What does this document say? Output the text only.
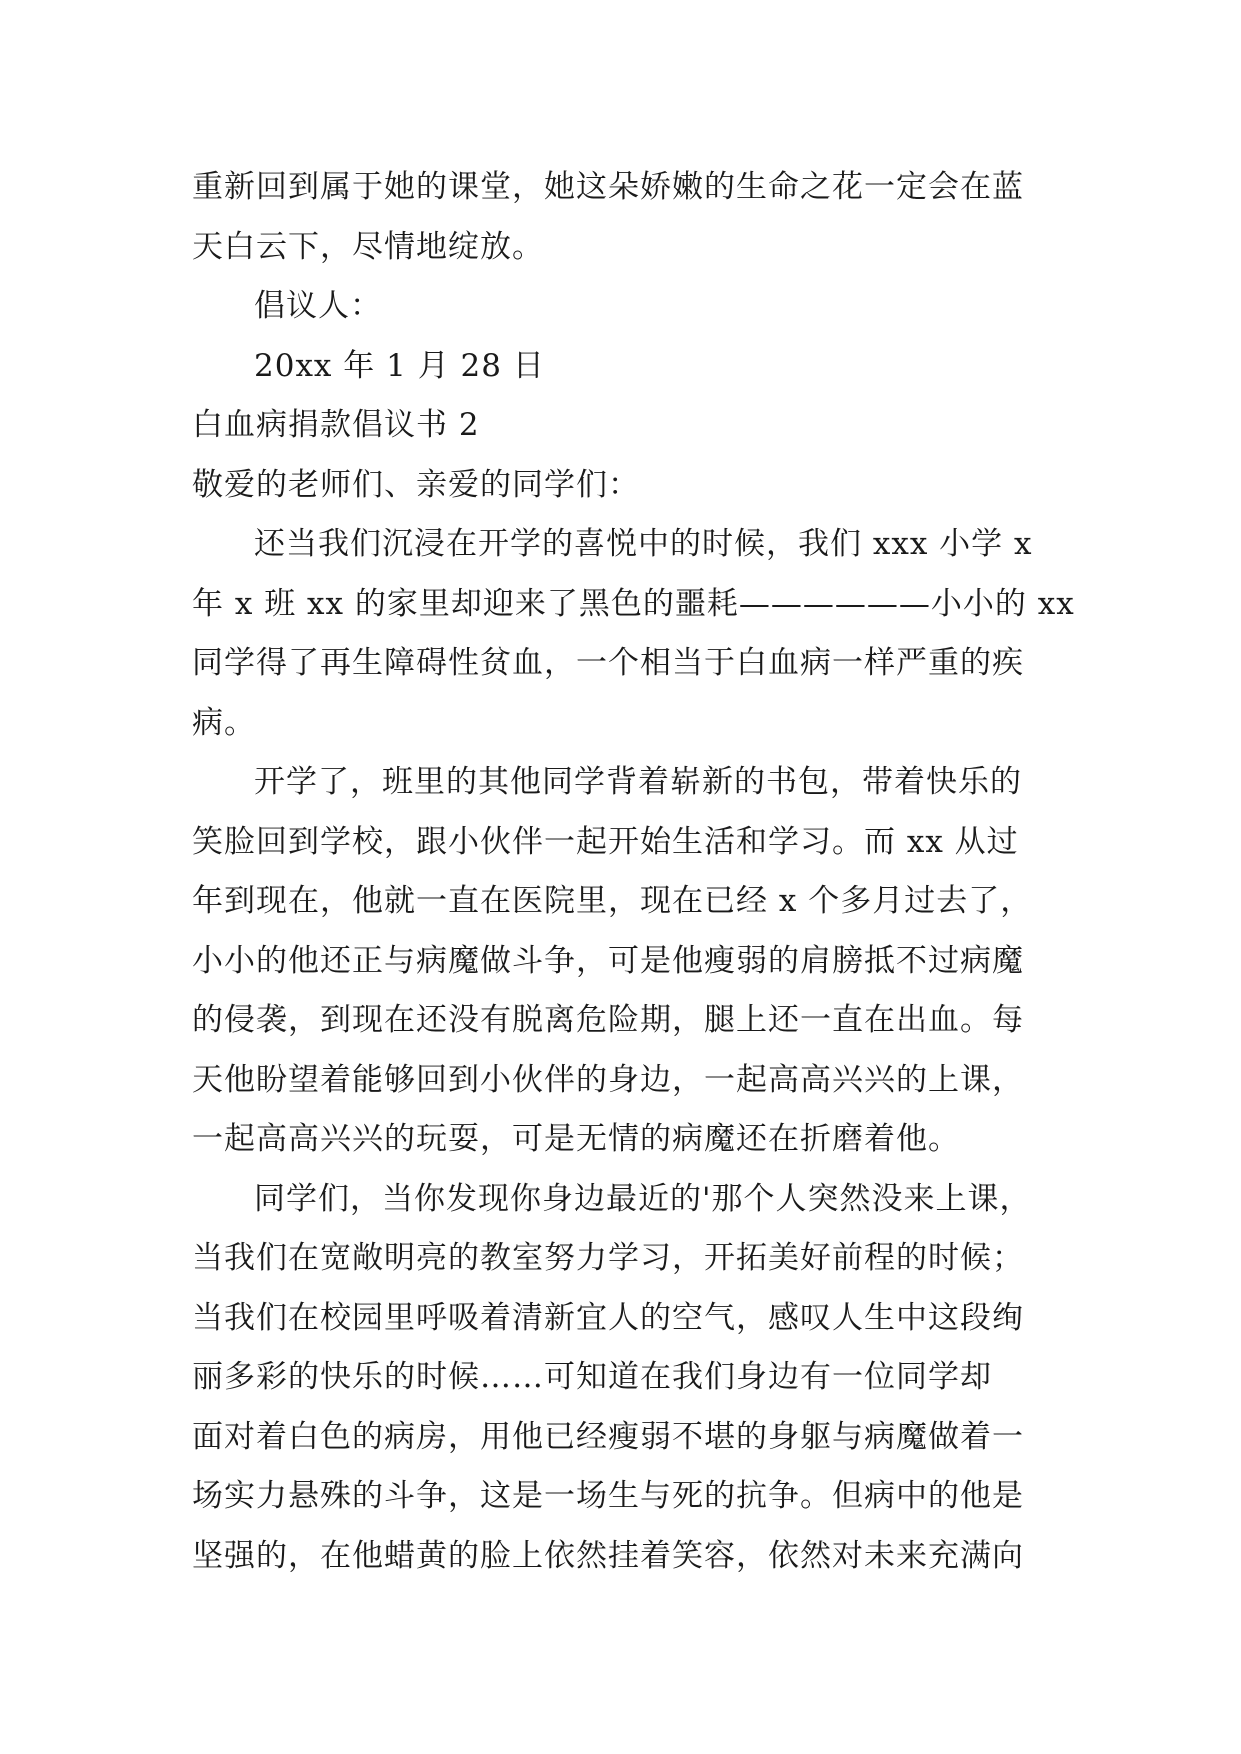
重新回到属于她的课堂，她这朵娇嫩的生命之花一定会在蓝
天白云下，尽情地绽放。
倡议人：
20xx 年 1 月 28 日
白血病捐款倡议书 2
敬爱的老师们、亲爱的同学们：
还当我们沉浸在开学的喜悦中的时候，我们 xxx 小学 x
年 x 班 xx 的家里却迎来了黑色的噩耗——————小小的 xx
同学得了再生障碍性贫血，一个相当于白血病一样严重的疾
病。
开学了，班里的其他同学背着崭新的书包，带着快乐的
笑脸回到学校，跟小伙伴一起开始生活和学习。而 xx 从过
年到现在，他就一直在医院里，现在已经 x 个多月过去了，
小小的他还正与病魔做斗争，可是他瘦弱的肩膀抵不过病魔
的侵袭，到现在还没有脱离危险期，腿上还一直在出血。每
天他盼望着能够回到小伙伴的身边，一起高高兴兴的上课，
一起高高兴兴的玩耍，可是无情的病魔还在折磨着他。
同学们，当你发现你身边最近的'那个人突然没来上课，
当我们在宽敞明亮的教室努力学习，开拓美好前程的时候；
当我们在校园里呼吸着清新宜人的空气，感叹人生中这段绚
丽多彩的快乐的时候……可知道在我们身边有一位同学却
面对着白色的病房，用他已经瘦弱不堪的身躯与病魔做着一
场实力悬殊的斗争，这是一场生与死的抗争。但病中的他是
坚强的，在他蜡黄的脸上依然挂着笑容，依然对未来充满向
